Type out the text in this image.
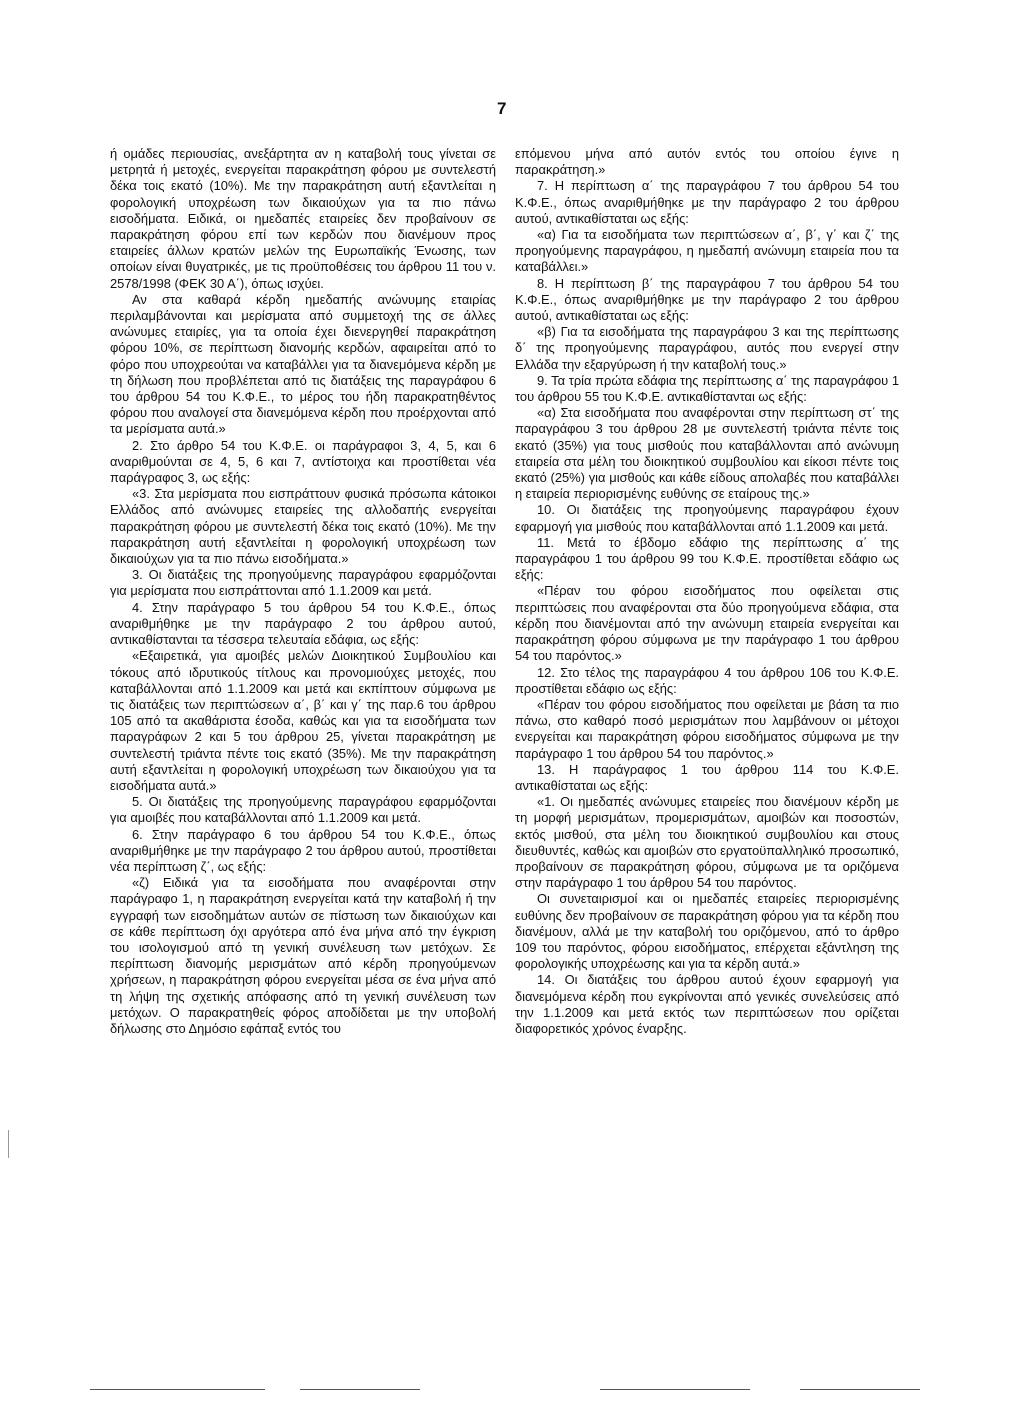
7

ή ομάδες περιουσίας, ανεξάρτητα αν η καταβολή τους γίνεται σε μετρητά ή μετοχές, ενεργείται παρακράτηση φόρου με συντελεστή δέκα τοις εκατό (10%). Με την παρακράτηση αυτή εξαντλείται η φορολογική υποχρέωση των δικαιούχων για τα πιο πάνω εισοδήματα. Ειδικά, οι ημεδαπές εταιρείες δεν προβαίνουν σε παρακράτηση φόρου επί των κερδών που διανέμουν προς εταιρείες άλλων κρατών μελών της Ευρωπαϊκής Ένωσης, των οποίων είναι θυγατρικές, με τις προϋποθέσεις του άρθρου 11 του ν. 2578/1998 (ΦΕΚ 30 Α΄), όπως ισχύει.

Αν στα καθαρά κέρδη ημεδαπής ανώνυμης εταιρίας περιλαμβάνονται και μερίσματα από συμμετοχή της σε άλλες ανώνυμες εταιρίες, για τα οποία έχει διενεργηθεί παρακράτηση φόρου 10%, σε περίπτωση διανομής κερδών, αφαιρείται από το φόρο που υποχρεούται να καταβάλλει για τα διανεμόμενα κέρδη με τη δήλωση που προβλέπεται από τις διατάξεις της παραγράφου 6 του άρθρου 54 του Κ.Φ.Ε., το μέρος του ήδη παρακρατηθέντος φόρου που αναλογεί στα διανεμόμενα κέρδη που προέρχονται από τα μερίσματα αυτά.»

2. Στο άρθρο 54 του Κ.Φ.Ε. οι παράγραφοι 3, 4, 5, και 6 αναριθμούνται σε 4, 5, 6 και 7, αντίστοιχα και προστίθεται νέα παράγραφος 3, ως εξής:

«3. Στα μερίσματα που εισπράττουν φυσικά πρόσωπα κάτοικοι Ελλάδος από ανώνυμες εταιρείες της αλλοδαπής ενεργείται παρακράτηση φόρου με συντελεστή δέκα τοις εκατό (10%). Με την παρακράτηση αυτή εξαντλείται η φορολογική υποχρέωση των δικαιούχων για τα πιο πάνω εισοδήματα.»

3. Οι διατάξεις της προηγούμενης παραγράφου εφαρμόζονται για μερίσματα που εισπράττονται από 1.1.2009 και μετά.

4. Στην παράγραφο 5 του άρθρου 54 του Κ.Φ.Ε., όπως αναριθμήθηκε με την παράγραφο 2 του άρθρου αυτού, αντικαθίστανται τα τέσσερα τελευταία εδάφια, ως εξής:

«Εξαιρετικά, για αμοιβές μελών Διοικητικού Συμβουλίου και τόκους από ιδρυτικούς τίτλους και προνομιούχες μετοχές, που καταβάλλονται από 1.1.2009 και μετά και εκπίπτουν σύμφωνα με τις διατάξεις των περιπτώσεων α΄, β΄ και γ΄ της παρ.6 του άρθρου 105 από τα ακαθάριστα έσοδα, καθώς και για τα εισοδήματα των παραγράφων 2 και 5 του άρθρου 25, γίνεται παρακράτηση με συντελεστή τριάντα πέντε τοις εκατό (35%). Με την παρακράτηση αυτή εξαντλείται η φορολογική υποχρέωση των δικαιούχου για τα εισοδήματα αυτά.»

5. Οι διατάξεις της προηγούμενης παραγράφου εφαρμόζονται για αμοιβές που καταβάλλονται από 1.1.2009 και μετά.

6. Στην παράγραφο 6 του άρθρου 54 του Κ.Φ.Ε., όπως αναριθμήθηκε με την παράγραφο 2 του άρθρου αυτού, προστίθεται νέα περίπτωση ζ΄, ως εξής:

«ζ) Ειδικά για τα εισοδήματα που αναφέρονται στην παράγραφο 1, η παρακράτηση ενεργείται κατά την καταβολή ή την εγγραφή των εισοδημάτων αυτών σε πίστωση των δικαιούχων και σε κάθε περίπτωση όχι αργότερα από ένα μήνα από την έγκριση του ισολογισμού από τη γενική συνέλευση των μετόχων. Σε περίπτωση διανομής μερισμάτων από κέρδη προηγούμενων χρήσεων, η παρακράτηση φόρου ενεργείται μέσα σε ένα μήνα από τη λήψη της σχετικής απόφασης από τη γενική συνέλευση των μετόχων. Ο παρακρατηθείς φόρος αποδίδεται με την υποβολή δήλωσης στο Δημόσιο εφάπαξ εντός του

επόμενου μήνα από αυτόν εντός του οποίου έγινε η παρακράτηση.»

7. Η περίπτωση α΄ της παραγράφου 7 του άρθρου 54 του Κ.Φ.Ε., όπως αναριθμήθηκε με την παράγραφο 2 του άρθρου αυτού, αντικαθίσταται ως εξής:

«α) Για τα εισοδήματα των περιπτώσεων α΄, β΄, γ΄ και ζ΄ της προηγούμενης παραγράφου, η ημεδαπή ανώνυμη εταιρεία που τα καταβάλλει.»

8. Η περίπτωση β΄ της παραγράφου 7 του άρθρου 54 του Κ.Φ.Ε., όπως αναριθμήθηκε με την παράγραφο 2 του άρθρου αυτού, αντικαθίσταται ως εξής:

«β) Για τα εισοδήματα της παραγράφου 3 και της περίπτωσης δ΄ της προηγούμενης παραγράφου, αυτός που ενεργεί στην Ελλάδα την εξαργύρωση ή την καταβολή τους.»

9. Τα τρία πρώτα εδάφια της περίπτωσης α΄ της παραγράφου 1 του άρθρου 55 του Κ.Φ.Ε. αντικαθίστανται ως εξής:

«α) Στα εισοδήματα που αναφέρονται στην περίπτωση στ΄ της παραγράφου 3 του άρθρου 28 με συντελεστή τριάντα πέντε τοις εκατό (35%) για τους μισθούς που καταβάλλονται από ανώνυμη εταιρεία στα μέλη του διοικητικού συμβουλίου και είκοσι πέντε τοις εκατό (25%) για μισθούς και κάθε είδους απολαβές που καταβάλλει η εταιρεία περιορισμένης ευθύνης σε εταίρους της.»

10. Οι διατάξεις της προηγούμενης παραγράφου έχουν εφαρμογή για μισθούς που καταβάλλονται από 1.1.2009 και μετά.

11. Μετά το έβδομο εδάφιο της περίπτωσης α΄ της παραγράφου 1 του άρθρου 99 του Κ.Φ.Ε. προστίθεται εδάφιο ως εξής:

«Πέραν του φόρου εισοδήματος που οφείλεται στις περιπτώσεις που αναφέρονται στα δύο προηγούμενα εδάφια, στα κέρδη που διανέμονται από την ανώνυμη εταιρεία ενεργείται και παρακράτηση φόρου σύμφωνα με την παράγραφο 1 του άρθρου 54 του παρόντος.»

12. Στο τέλος της παραγράφου 4 του άρθρου 106 του Κ.Φ.Ε. προστίθεται εδάφιο ως εξής:

«Πέραν του φόρου εισοδήματος που οφείλεται με βάση τα πιο πάνω, στο καθαρό ποσό μερισμάτων που λαμβάνουν οι μέτοχοι ενεργείται και παρακράτηση φόρου εισοδήματος σύμφωνα με την παράγραφο 1 του άρθρου 54 του παρόντος.»

13. Η παράγραφος 1 του άρθρου 114 του Κ.Φ.Ε. αντικαθίσταται ως εξής:

«1. Οι ημεδαπές ανώνυμες εταιρείες που διανέμουν κέρδη με τη μορφή μερισμάτων, προμερισμάτων, αμοιβών και ποσοστών, εκτός μισθού, στα μέλη του διοικητικού συμβουλίου και στους διευθυντές, καθώς και αμοιβών στο εργατοϋπαλληλικό προσωπικό, προβαίνουν σε παρακράτηση φόρου, σύμφωνα με τα οριζόμενα στην παράγραφο 1 του άρθρου 54 του παρόντος.

Οι συνεταιρισμοί και οι ημεδαπές εταιρείες περιορισμένης ευθύνης δεν προβαίνουν σε παρακράτηση φόρου για τα κέρδη που διανέμουν, αλλά με την καταβολή του οριζόμενου, από το άρθρο 109 του παρόντος, φόρου εισοδήματος, επέρχεται εξάντληση της φορολογικής υποχρέωσης και για τα κέρδη αυτά.»

14. Οι διατάξεις του άρθρου αυτού έχουν εφαρμογή για διανεμόμενα κέρδη που εγκρίνονται από γενικές συνελεύσεις από την 1.1.2009 και μετά εκτός των περιπτώσεων που ορίζεται διαφορετικός χρόνος έναρξης.
